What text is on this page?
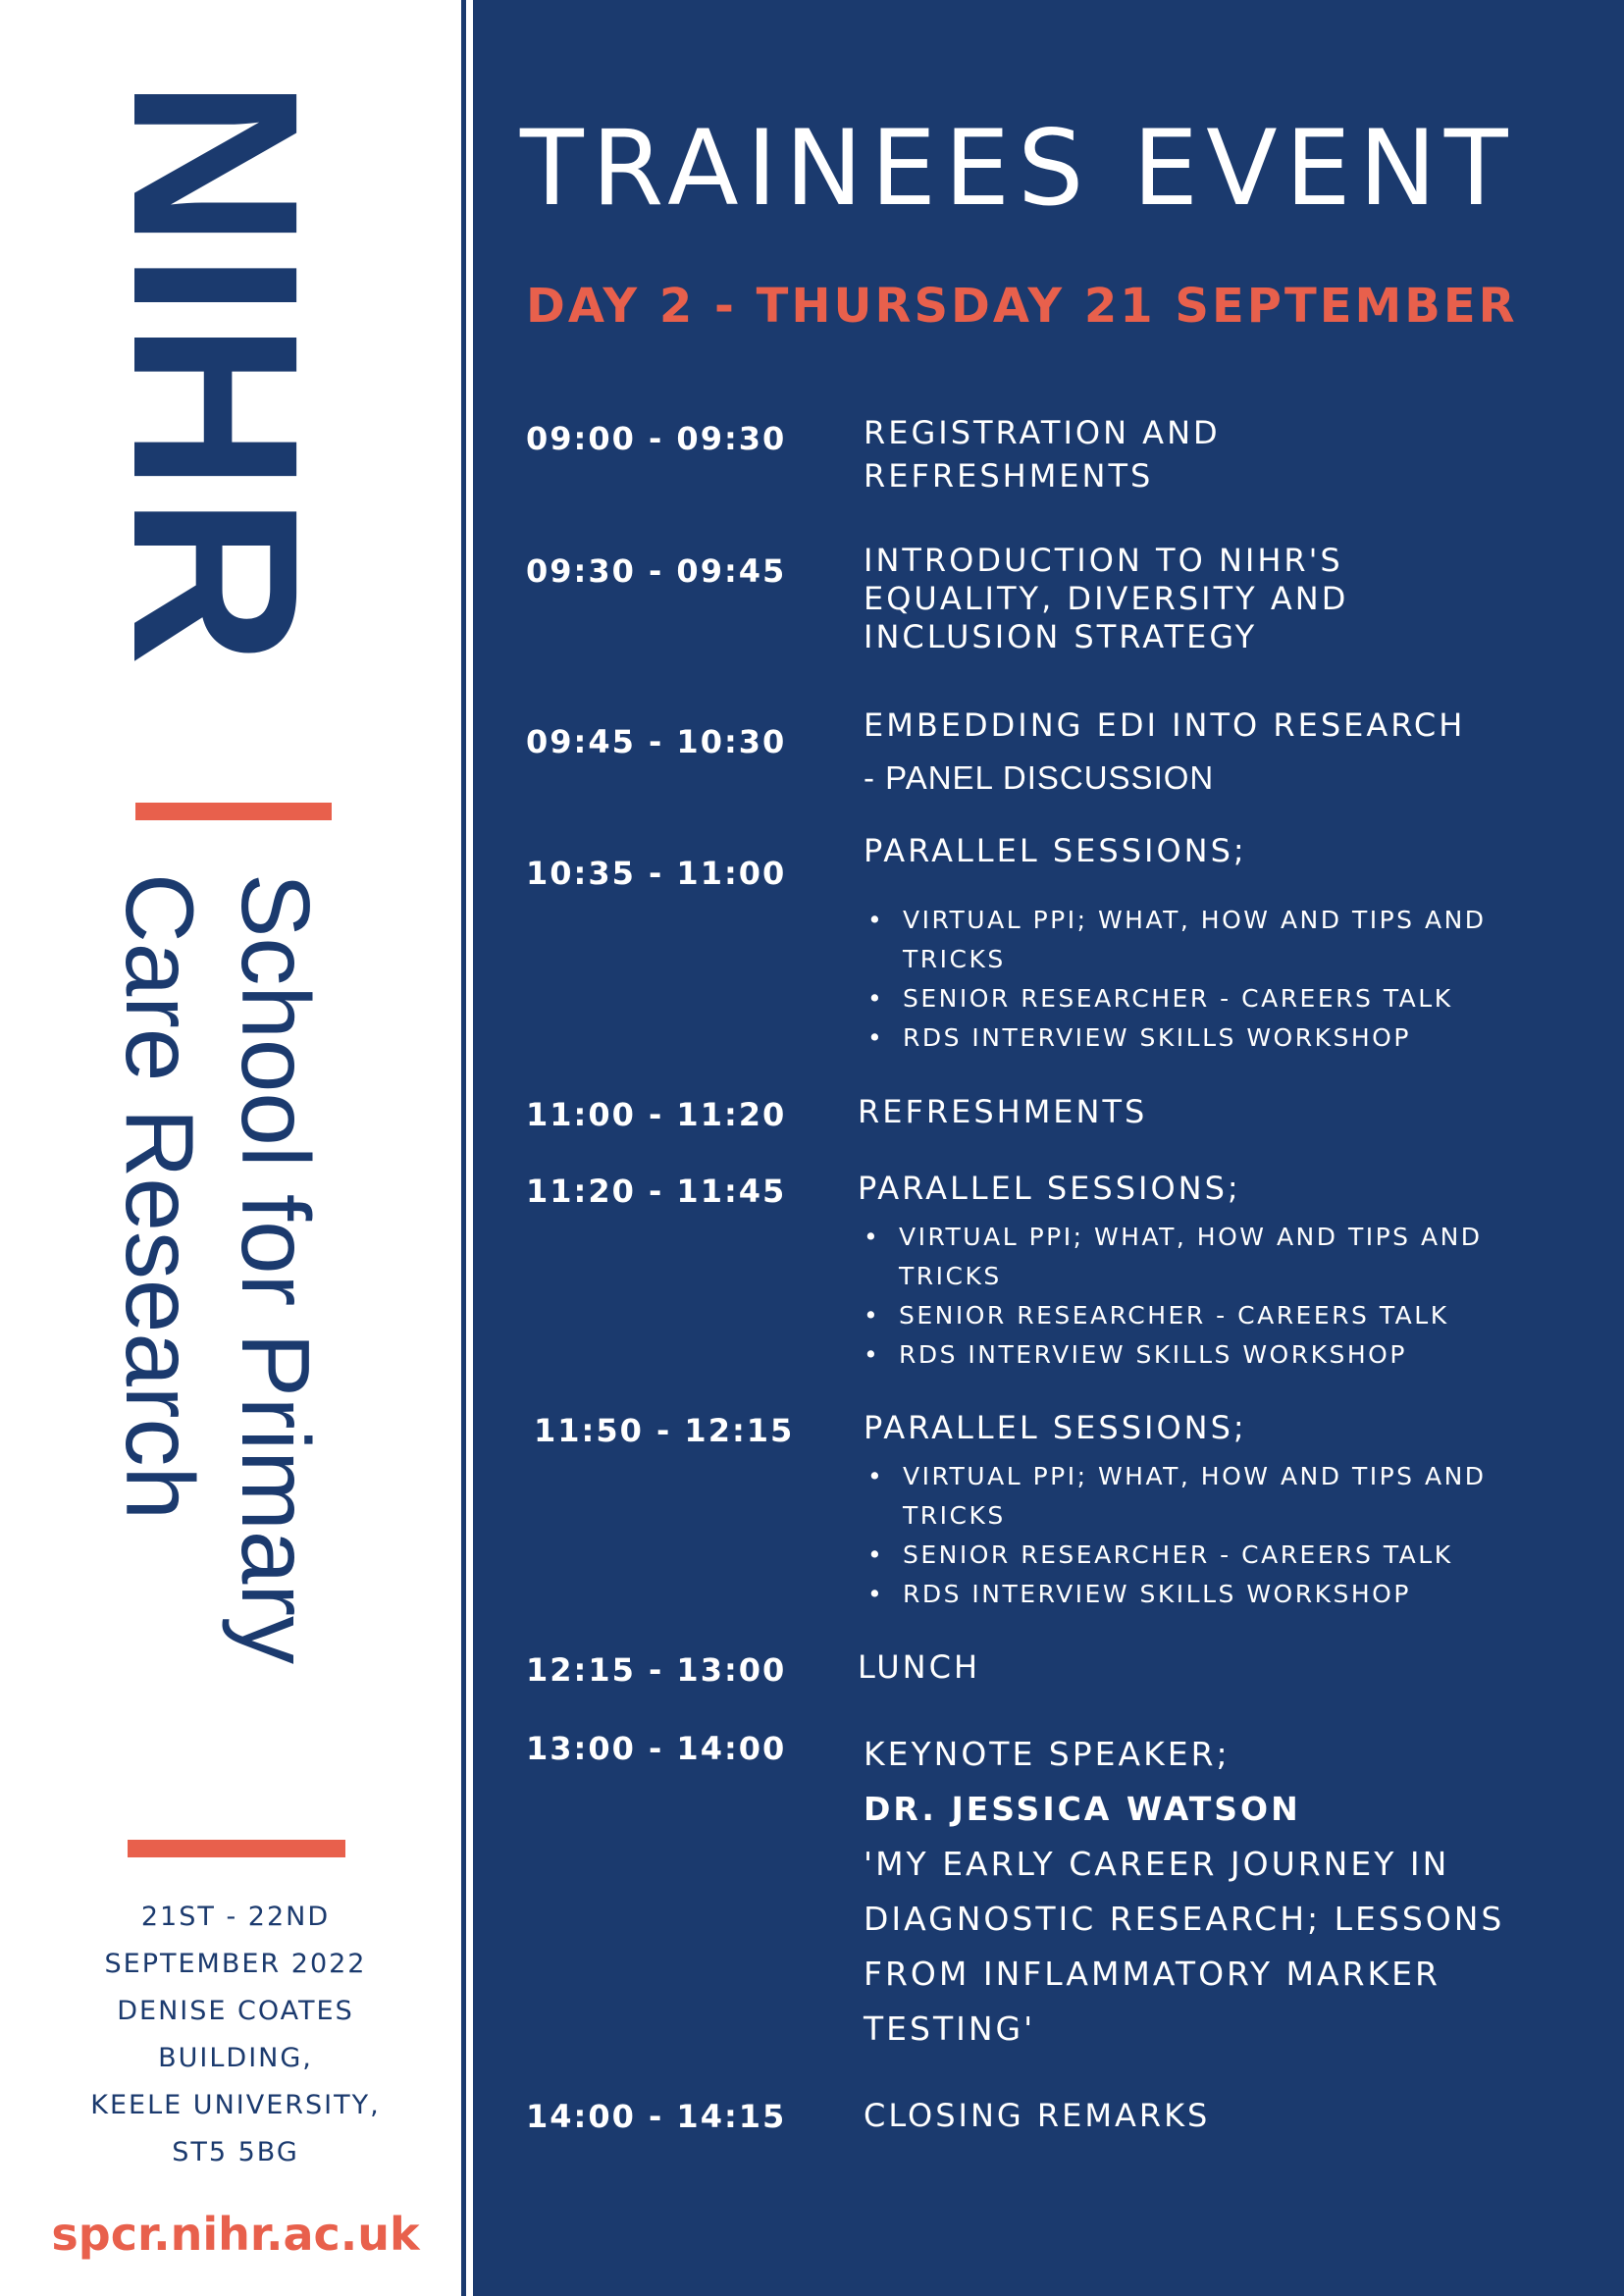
NIHR
School for Primary
Care Research
21ST - 22ND
SEPTEMBER 2022
DENISE COATES
BUILDING,
KEELE UNIVERSITY,
ST5 5BG
spcr.nihr.ac.uk
TRAINEES EVENT
DAY 2 - THURSDAY 21 SEPTEMBER
09:00 - 09:30 REGISTRATION AND
REFRESHMENTS
09:30 - 09:45 INTRODUCTION TO NIHR'S
EQUALITY, DIVERSITY AND
INCLUSION STRATEGY
09:45 - 10:30 EMBEDDING EDI INTO RESEARCH
- PANEL DISCUSSION
10:35 - 11:00
PARALLEL SESSIONS;
• VIRTUAL PPI; WHAT, HOW AND TIPS AND
TRICKS
• SENIOR RESEARCHER - CAREERS TALK
• RDS INTERVIEW SKILLS WORKSHOP
11:00 - 11:20 REFRESHMENTS
11:20 - 11:45 PARALLEL SESSIONS;
• VIRTUAL PPI; WHAT, HOW AND TIPS AND
TRICKS
• SENIOR RESEARCHER - CAREERS TALK
• RDS INTERVIEW SKILLS WORKSHOP
11:50 - 12:15 PARALLEL SESSIONS;
• VIRTUAL PPI; WHAT, HOW AND TIPS AND
TRICKS
• SENIOR RESEARCHER - CAREERS TALK
• RDS INTERVIEW SKILLS WORKSHOP
12:15 - 13:00 LUNCH
13:00 - 14:00 KEYNOTE SPEAKER;
DR. JESSICA WATSON
'MY EARLY CAREER JOURNEY IN
DIAGNOSTIC RESEARCH; LESSONS
FROM INFLAMMATORY MARKER
TESTING'
14:00 - 14:15 CLOSING REMARKS
